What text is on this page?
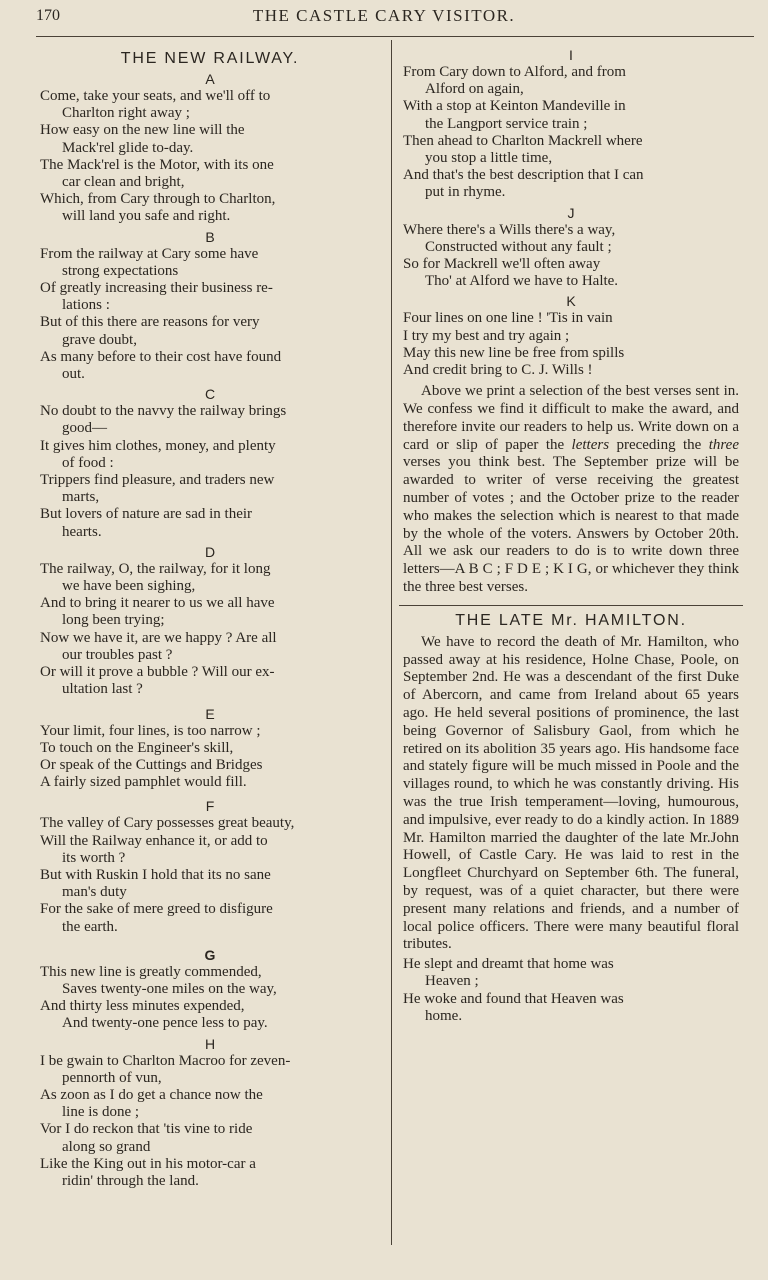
170	THE CASTLE CARY VISITOR.
THE NEW RAILWAY.
A
Come, take your seats, and we'll off to
Charlton right away ;
How easy on the new line will the
Mack'rel glide to-day.
The Mack'rel is the Motor, with its one
car clean and bright,
Which, from Cary through to Charlton,
will land you safe and right.
B
From the railway at Cary some have
strong expectations
Of greatly increasing their business re-
lations :
But of this there are reasons for very
grave doubt,
As many before to their cost have found
out.
C
No doubt to the navvy the railway brings
good—
It gives him clothes, money, and plenty
of food :
Trippers find pleasure, and traders new
marts,
But lovers of nature are sad in their
hearts.
D
The railway, O, the railway, for it long
we have been sighing,
And to bring it nearer to us we all have
long been trying;
Now we have it, are we happy ? Are all
our troubles past ?
Or will it prove a bubble ? Will our ex-
ultation last ?
E
Your limit, four lines, is too narrow ;
To touch on the Engineer's skill,
Or speak of the Cuttings and Bridges
A fairly sized pamphlet would fill.
F
The valley of Cary possesses great beauty,
Will the Railway enhance it, or add to
its worth ?
But with Ruskin I hold that its no sane
man's duty
For the sake of mere greed to disfigure
the earth.
G
This new line is greatly commended,
Saves twenty-one miles on the way,
And thirty less minutes expended,
And twenty-one pence less to pay.
H
I be gwain to Charlton Macroo for zeven-
pennorth of vun,
As zoon as I do get a chance now the
line is done ;
Vor I do reckon that 'tis vine to ride
along so grand
Like the King out in his motor-car a
ridin' through the land.
I
From Cary down to Alford, and from
Alford on again,
With a stop at Keinton Mandeville in
the Langport service train ;
Then ahead to Charlton Mackrell where
you stop a little time,
And that's the best description that I can
put in rhyme.
J
Where there's a Wills there's a way,
Constructed without any fault ;
So for Mackrell we'll often away
Tho' at Alford we have to Halte.
K
Four lines on one line ! 'Tis in vain
I try my best and try again ;
May this new line be free from spills
And credit bring to C. J. Wills !

Above we print a selection of the best verses sent in. We confess we find it difficult to make the award, and therefore invite our readers to help us. Write down on a card or slip of paper the letters preceding the three verses you think best. The September prize will be awarded to writer of verse receiving the greatest number of votes ; and the October prize to the reader who makes the selection which is nearest to that made by the whole of the voters. Answers by October 20th. All we ask our readers to do is to write down three letters—A B C ; F D E ; K I G, or whichever they think the three best verses.

THE LATE Mr. HAMILTON.

We have to record the death of Mr. Hamilton, who passed away at his residence, Holne Chase, Poole, on September 2nd. He was a descendant of the first Duke of Abercorn, and came from Ireland about 65 years ago. He held several positions of prominence, the last being Governor of Salisbury Gaol, from which he retired on its abolition 35 years ago. His handsome face and stately figure will be much missed in Poole and the villages round, to which he was constantly driving. His was the true Irish temperament—loving, humourous, and impulsive, ever ready to do a kindly action. In 1889 Mr. Hamilton married the daughter of the late Mr.John Howell, of Castle Cary. He was laid to rest in the Longfleet Churchyard on September 6th. The funeral, by request, was of a quiet character, but there were present many relations and friends, and a number of local police officers. There were many beautiful floral tributes.

He slept and dreamt that home was
Heaven ;
He woke and found that Heaven was
home.
